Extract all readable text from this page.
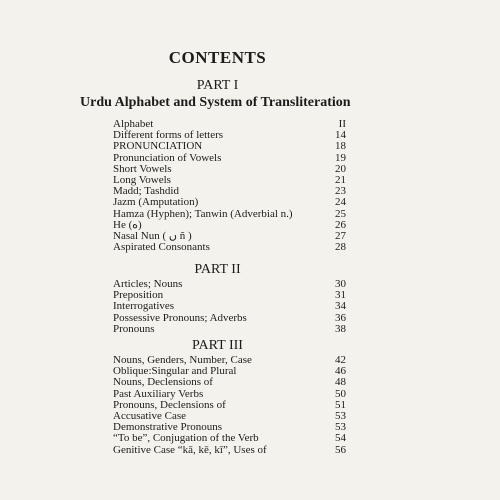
CONTENTS
PART I
Urdu Alphabet and System of Transliteration
Alphabet	II
Different forms of letters	14
PRONUNCIATION	18
Pronunciation of Vowels	19
Short Vowels	20
Long Vowels	21
Madd; Tashdid	23
Jazm (Amputation)	24
Hamza (Hyphen); Tanwin (Adverbial n.)	25
He (ه)	26
Nasal Nun ( ں ñ )	27
Aspirated Consonants	28
PART II
Articles; Nouns	30
Preposition	31
Interrogatives	34
Possessive Pronouns; Adverbs	36
Pronouns	38
PART III
Nouns, Genders, Number, Case	42
Oblique:Singular and Plural	46
Nouns, Declensions of	48
Past Auxiliary Verbs	50
Pronouns, Declensions of	51
Accusative Case	53
Demonstrative Pronouns	53
“To be”, Conjugation of the Verb	54
Genitive Case “kā, kē, kī”, Uses of	56
